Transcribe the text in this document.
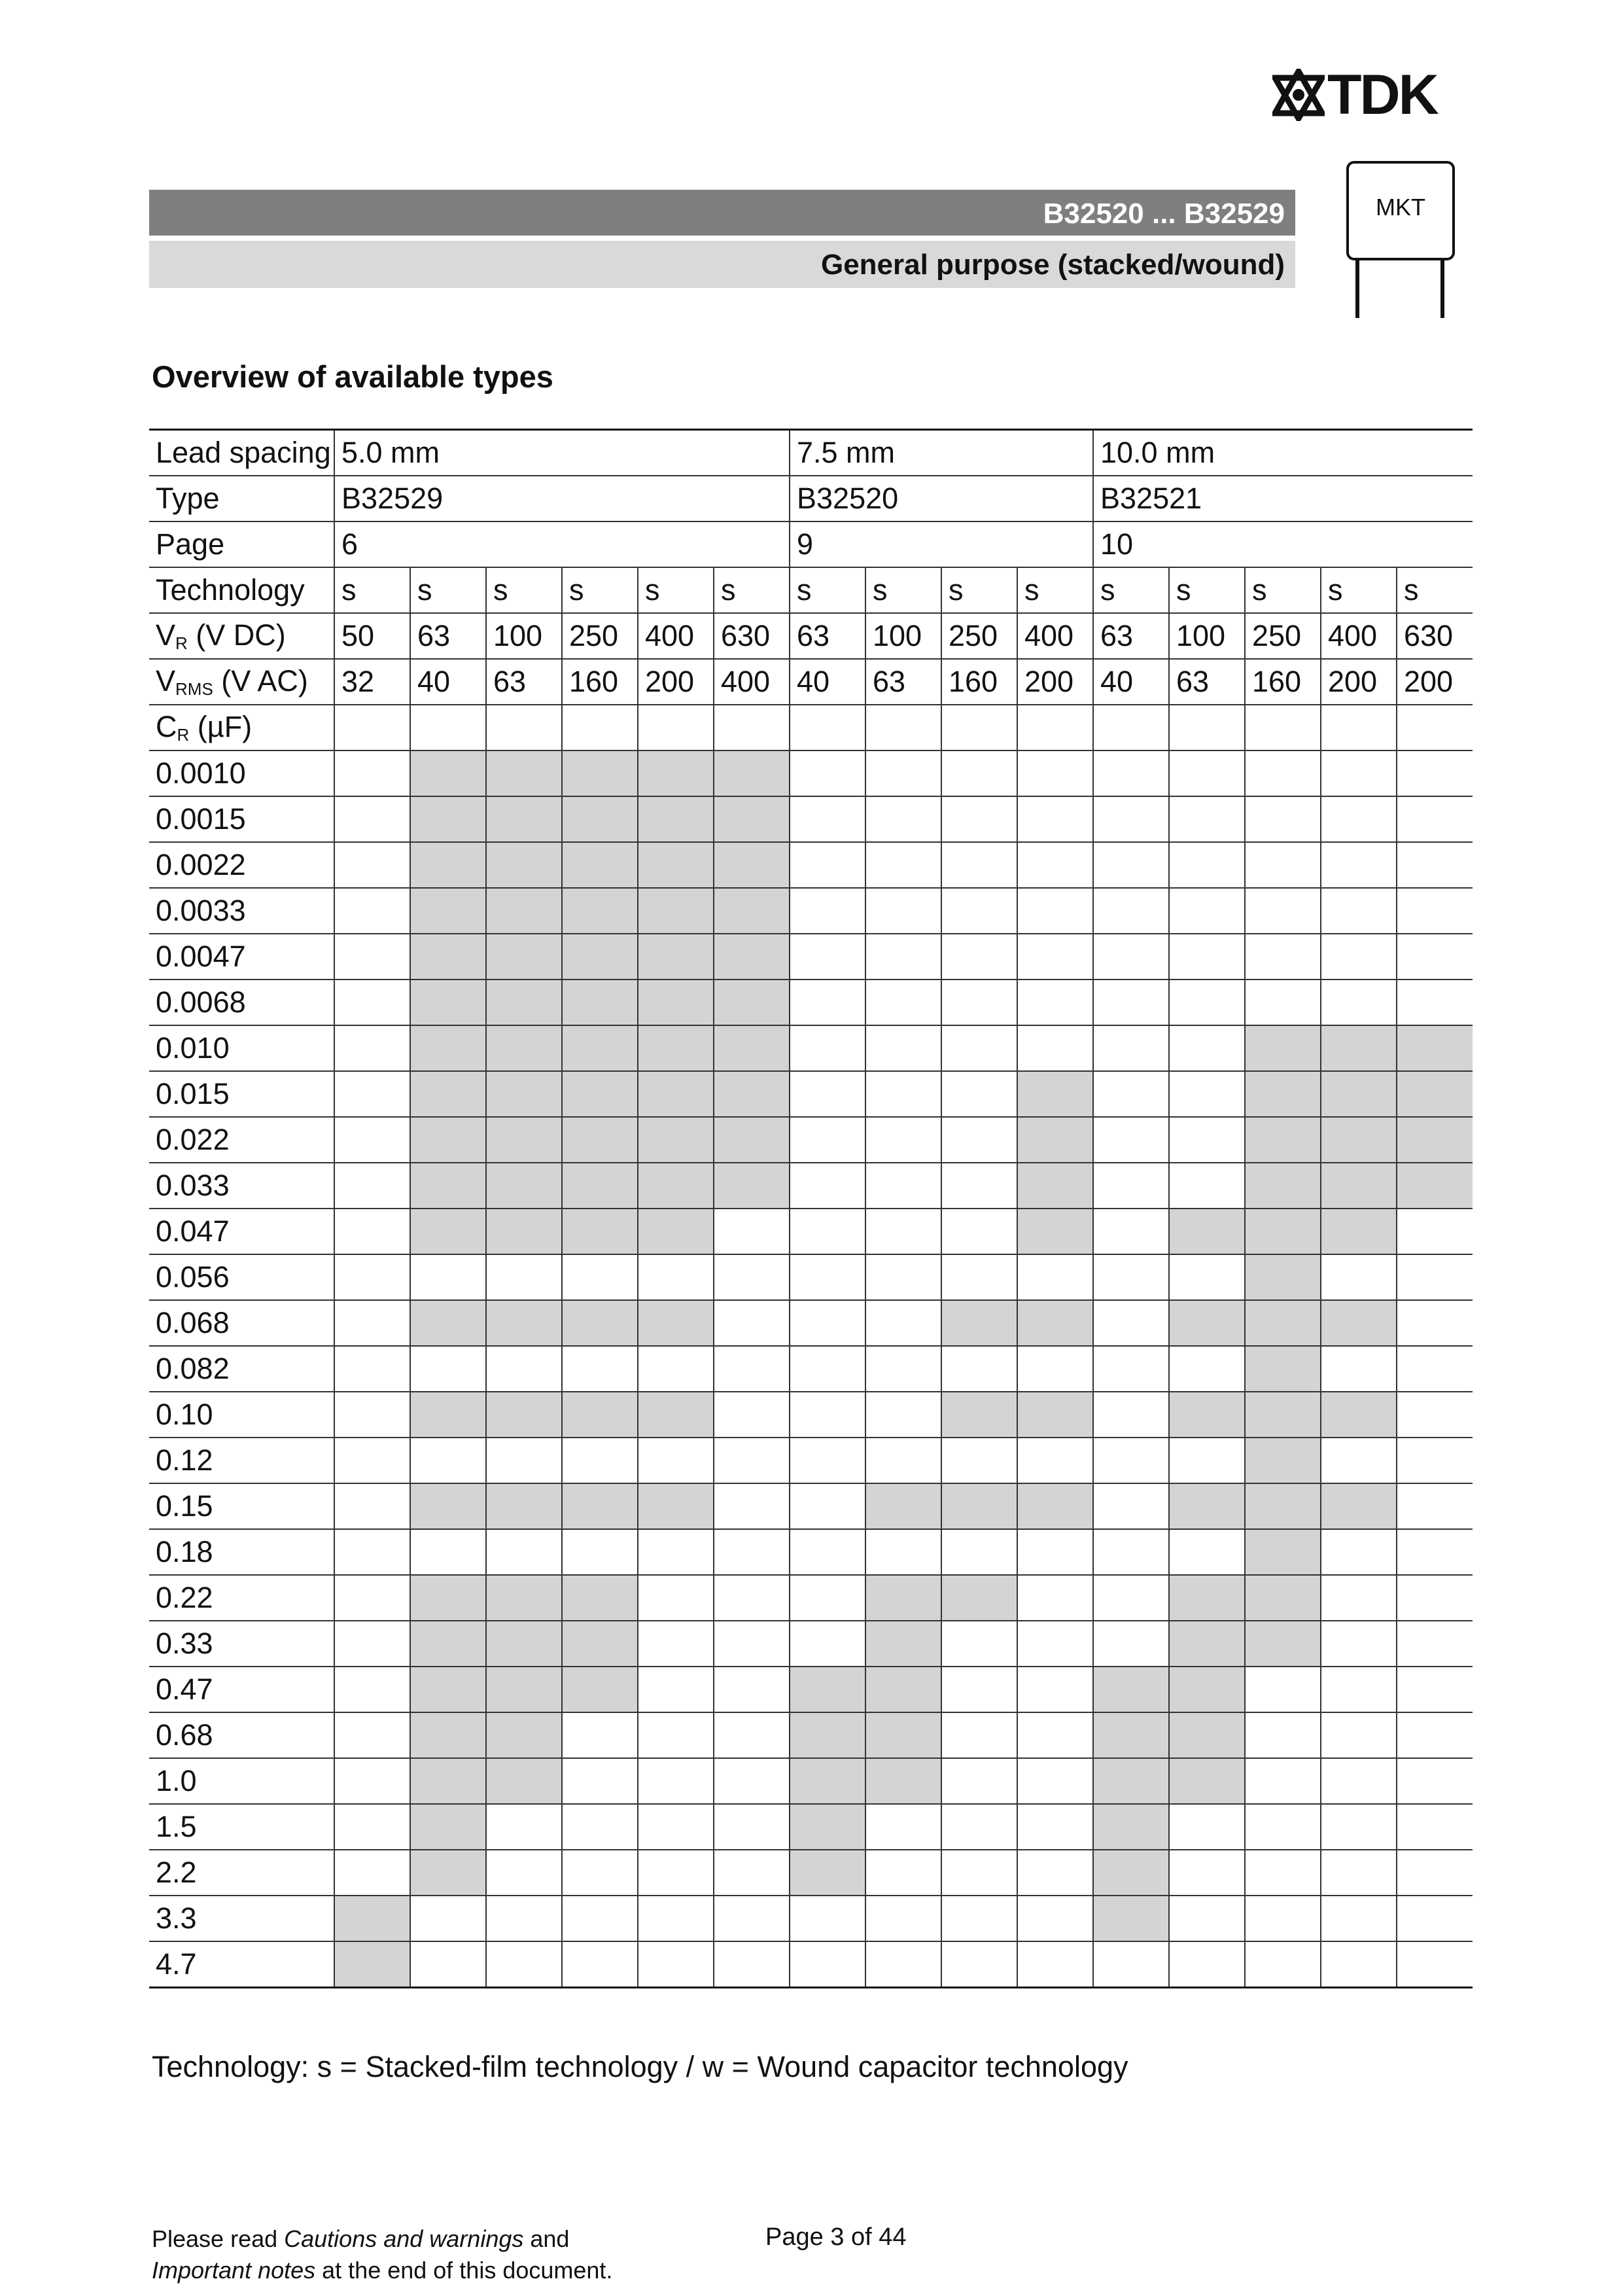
TDK
B32520 ... B32529
General purpose (stacked/wound)
MKT
Overview of available types
Lead spacing	5.0 mm						7.5 mm				10.0 mm				
Type	B32529						B32520				B32521				
Page	6						9				10				
Technology	s	s	s	s	s	s	s	s	s	s	s	s	s	s	s
$V_R$ (V DC)	50	63	100	250	400	630	63	100	250	400	63	100	250	400	630
$V_{RMS}$ (V AC)	32	40	63	160	200	400	40	63	160	200	40	63	160	200	200
$C_R$ (µF)															
0.0010															
0.0015															
0.0022															
0.0033															
0.0047															
0.0068															
0.010															
0.015															
0.022															
0.033															
0.047															
0.056															
0.068															
0.082															
0.10															
0.12															
0.15															
0.18															
0.22															
0.33															
0.47															
0.68															
1.0															
1.5															
2.2															
3.3															
4.7															
Technology: s = Stacked-film technology / w = Wound capacitor technology
Please read Cautions and warnings and
Important notes at the end of this document.
Page 3 of 44
